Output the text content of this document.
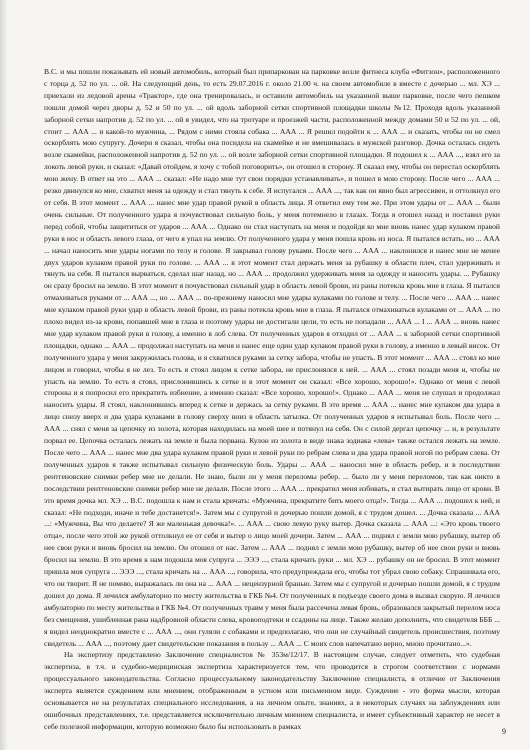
В.С. и мы пошли показывать ей новый автомобиль, который был припаркован на парковке возле фитнеса клуба «Фитзон», расположенного с торца д. 52 по ул. ... ой. На следующий день, то есть 29.07.2016 г. около 21.00 ч. на своем автомобиле в вместе с дочерью ... мл. ХЭ ... приехали из ледовой арены «Трактор», где она тренировалась, и оставили автомобиль на указанной выше парковке, после чего пешком пошли домой через дворы д. 52 и 50 по ул. ... ой вдоль заборной сетки спортивной площадки школы №12. Проходя вдоль указанной заборной сетки напротив д. 52 по ул. ... ой я увидел, что на тротуаре и проезжей части, расположенной между домами 50 и 52 по ул. ... ой, стоит ... ААА ... и какой-то мужчина, ... Рядом с ними стояла собака ... ААА ... Я решил подойти к ... ААА ... и сказать, чтобы он не смел оскорблять мою супругу. Дочери я сказал, чтобы она посидела на скамейке и не вмешивалась в мужской разговор. Дочка осталась сидеть возле скамейки, расположенной напротив д. 52 по ул. ... ой возле заборной сетки спортивной площадки. Я подошел к ... ААА ..., взял его за локоть левой руки, и сказал: «Давай отойдем, я хочу с тобой поговорить», он отошел в сторону. Я сказал ему, чтобы он перестал оскорблять мою жену. В ответ на это ... ААА ... сказал: «Не надо мне тут свои порядки устанавливать», и пошел в мою сторону. После чего ... ААА ... резко двинулся ко мне, схватил меня за одежду и стал тянуть к себе. Я испугался ... ААА ..., так как он явно был агрессивен, и оттолкнул его от себя. В этот момент ... ААА ... нанес мне удар правой рукой в область лица. Я ответил ему тем же. При этом удары от ... ААА ... были очень сильные. От полученного удара я почувствовал сильную боль, у меня потемнело в глазах. Тогда я отошел назад и поставил руки перед собой, чтобы защититься от ударов ... ААА ... Однако он стал наступать на меня и подойдя ко мне вновь нанес удар кулаком правой руки в нос и область левого глаза, от чего я упал на землю. От полученного удара у меня пошла кровь из носа. Я пытался встать, но ... ААА ... начал наносить мне удары ногами по телу и голове. Я закрывал голову руками. После чего ... ААА ... наклонился и нанес мне не менее двух ударов кулаком правой руки по голове. ... ААА ... в этот момент стал держать меня за рубашку в области плеч, стал удерживать и тянуть на себя. Я пытался вырваться, сделал шаг назад, но ... ААА ... продолжил удерживать меня за одежду и наносить удары. ... Рубашку он сразу бросил на землю. В этот момент я почувствовал сильный удар в область левой брови, из раны потекла кровь мне в глаза. Я пытался отмахиваться руками от ... ААА ..., но ... ААА ... по-прежнему наносил мне удары кулаками по голове и телу. ... После чего ... ААА ... нанес мне кулаком правой руки удар в область левой брови, из раны потекла кровь мне в глаза. Я пытался отмахиваться кулаками от ... ААА ... по плохо видел из-за крови, попавшей мне в глаза и поэтому удары не достигали цели, то есть не попадали ... ААА ... I ... ААА ... вновь нанес мне удар кулаком правой руки в голову, а именно в лоб слева. От полученных ударов я отходил от ... ААА ... к заборной сетки спортивной площадки, однако ... ААА ... продолжал наступать на меня и нанес еще один удар кулаком правой руки в голову, а именно в левый висок. От полученного удара у меня закружилась голова, и я схватился руками за сетку забора, чтобы не упасть. В этот момент ... ААА ... стоял ко мне лицом и говорил, чтобы я не лез. То есть я стоял лицом к сетке забора, не прислонялся к ней. ... ААА ... стоял позади меня и, чтобы не упасть на землю. То есть я стоял, прислонившись к сетке и в этот момент он сказал: «Все хорошо, хорошо!». Однако от меня с левой стороны и я попросил его прекратить избиение, а именно сказал: «Все хорошо, хорошо!». Однако ... ААА ... меня не слушал и продолжал наносить удары. Я стоял, наклонившись вперед к сетке и держась за сетку руками. В это время ... ААА ... нанес мне кулаком два удара в лицо снизу вверх и два удара кулаками в голову сверху вниз в область затылка. От полученных ударов я испытывал боль. После чего ... ААА ... снял с меня за цепочку из золота, которая находилась на моей шее и потянул на себя. Он с силой дергал цепочку ... и, в результате порвал ее. Цепочка осталась лежать на земле и была порвана. Кулон из золота в виде знака зодиака «лева» также остался лежать на земле. После чего ... ААА ... нанес мне два удара кулаком правой руки и левой руки по ребрам слева и два удара правой ногой по ребрам слева. От полученных ударов я также испытывал сильную физическую боль. Удары ... ААА ... наносил мне в область ребер, и в последствии рентгеновские снимки ребер мне не делали. Не знаю, были ли у меня переломы ребер. ... было ли у меня переломов, так как никто в последствии рентгеновские снимки ребер мне не делали. После этого ... ААА ... прекратил меня избивать, и стал вытирать лицо от крови. В это время дочка мл. ХЭ ... В.С. подошла к нам и стала кричать: «Мужчина, прекратите бить моего отца!». Тогда ... ААА ... подошел к ней, и сказал: «Не подходи, иначе и тебе достанется!». Затем мы с супругой и дочерью пошли домой, я с трудом дошел. ... Дочка сказала ... ААА ...: «Мужчина, Вы что делаете? Я же маленькая девочка!». ... ААА ... свою левую руку вытер. Дочка сказала ... ААА ...: «Это кровь твоего отца», после чего этой же рукой оттолкнул ее от себя и вытер о лицо моей дочери. Затем ... ААА ... поднял с земли мою рубашку, вытер об нее свои руки и вновь бросил на землю. Он отошел от нас. Затем ... ААА ... поднял с земли мою рубашку, вытер об нее свои руки и вновь бросил на землю. В это время к нам подошла моя супруга ... ЭЭЭ ..., стала кричать руки ... мл. ХЭ ... рубашку он не бросил. В этот момент пришла моя супруга ... ЭЭЭ ..., стала кричать на ... ААА ..., говорила, что предупреждала его, чтобы тот убрал свою собаку. Спрашивала его, что он творит. Я не помню, выражалась ли она на ... ААА ... нецензурной бранью. Затем мы с супругой и дочерью пошли домой, я с трудом дошел до дома. Я лечился амбулаторно по месту жительства в ГКБ №4. От полученных в подъезде своего дома я вызвал скорую. Я лечился амбулаторно по месту жительства в ГКБ №4. От полученных травм у меня была рассечена левая бровь, образовался закрытый перелом носа без смещения, ушибленная рана надбровной области слева, кровоподтеки и ссадины на лице. Также желаю дополнить, что свидетеля БББ ... я видел неоднократно вместе с ... ААА ..., они гуляли с собаками и предполагаю, что они не случайный свидетель происшествия, поэтому свидетель ... ААА ..., поэтому дает свидетельские показания в пользу ... ААА ... С моих слов напечатано верно, мною прочитано...».

На экспертизу представлено Заключение специалистов № 353м/12/17. В настоящем случае, следует отметить, что судебная экспертиза, в т.ч. и судебно-медицинская экспертиза характеризуется тем, что проводится в строгом соответствии с нормами процессуального законодательства. Согласно процессуальному законодательству Заключение специалиста, в отличие от Заключения эксперта является суждением или мнением, отображенным в устном или письменном виде. Суждение - это форма мысли, которая основывается не на результатах специального исследования, а на личном опыте, знаниях, а в некоторых случаях на заблуждениях или ошибочных представлениях, т.е. представляется исключительно личным мнением специалиста, и имеет субъективный характер не несет в себе полезной информации, которую возможно было бы использовать в рамках

9
